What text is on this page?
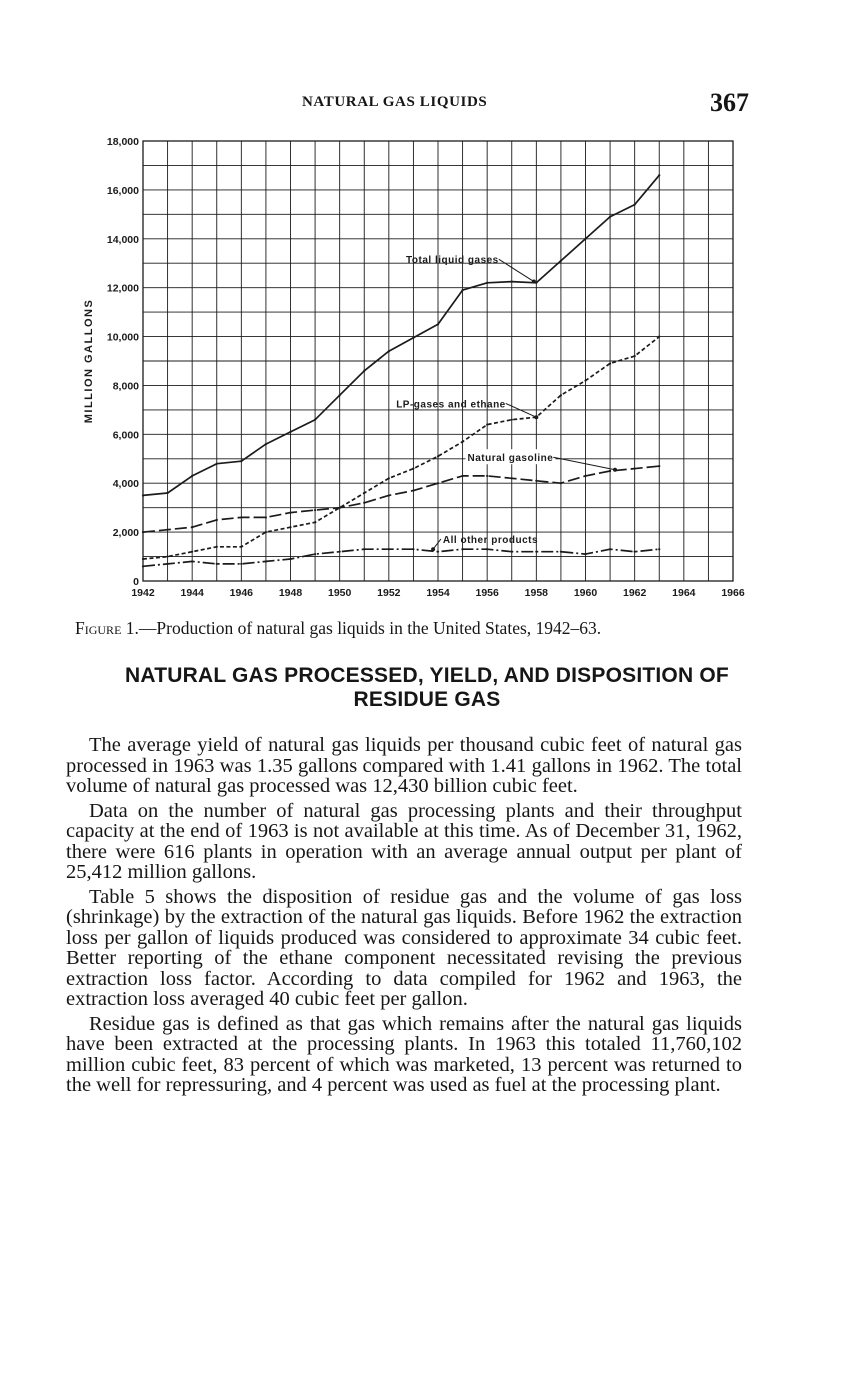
NATURAL GAS LIQUIDS	367
0
2,000
4,000
6,000
8,000
10,000
12,000
14,000
16,000
18,000
1942 1944 1946 1948 1950 1952 1954 1956 1958 1960 1962 1964 1966
MILLION GALLONS
Total liquid gases
LP-gases and ethane
Natural gasoline
All other products
Figure 1.—Production of natural gas liquids in the United States, 1942–63.
NATURAL GAS PROCESSED, YIELD, AND DISPOSITION OF
RESIDUE GAS

The average yield of natural gas liquids per thousand cubic feet of natural gas processed in 1963 was 1.35 gallons compared with 1.41 gallons in 1962. The total volume of natural gas processed was 12,430 billion cubic feet.

Data on the number of natural gas processing plants and their throughput capacity at the end of 1963 is not available at this time. As of December 31, 1962, there were 616 plants in operation with an average annual output per plant of 25,412 million gallons.

Table 5 shows the disposition of residue gas and the volume of gas loss (shrinkage) by the extraction of the natural gas liquids. Before 1962 the extraction loss per gallon of liquids produced was considered to approximate 34 cubic feet. Better reporting of the ethane component necessitated revising the previous extraction loss factor. According to data compiled for 1962 and 1963, the extraction loss averaged 40 cubic feet per gallon.

Residue gas is defined as that gas which remains after the natural gas liquids have been extracted at the processing plants. In 1963 this totaled 11,760,102 million cubic feet, 83 percent of which was marketed, 13 percent was returned to the well for repressuring, and 4 percent was used as fuel at the processing plant.
